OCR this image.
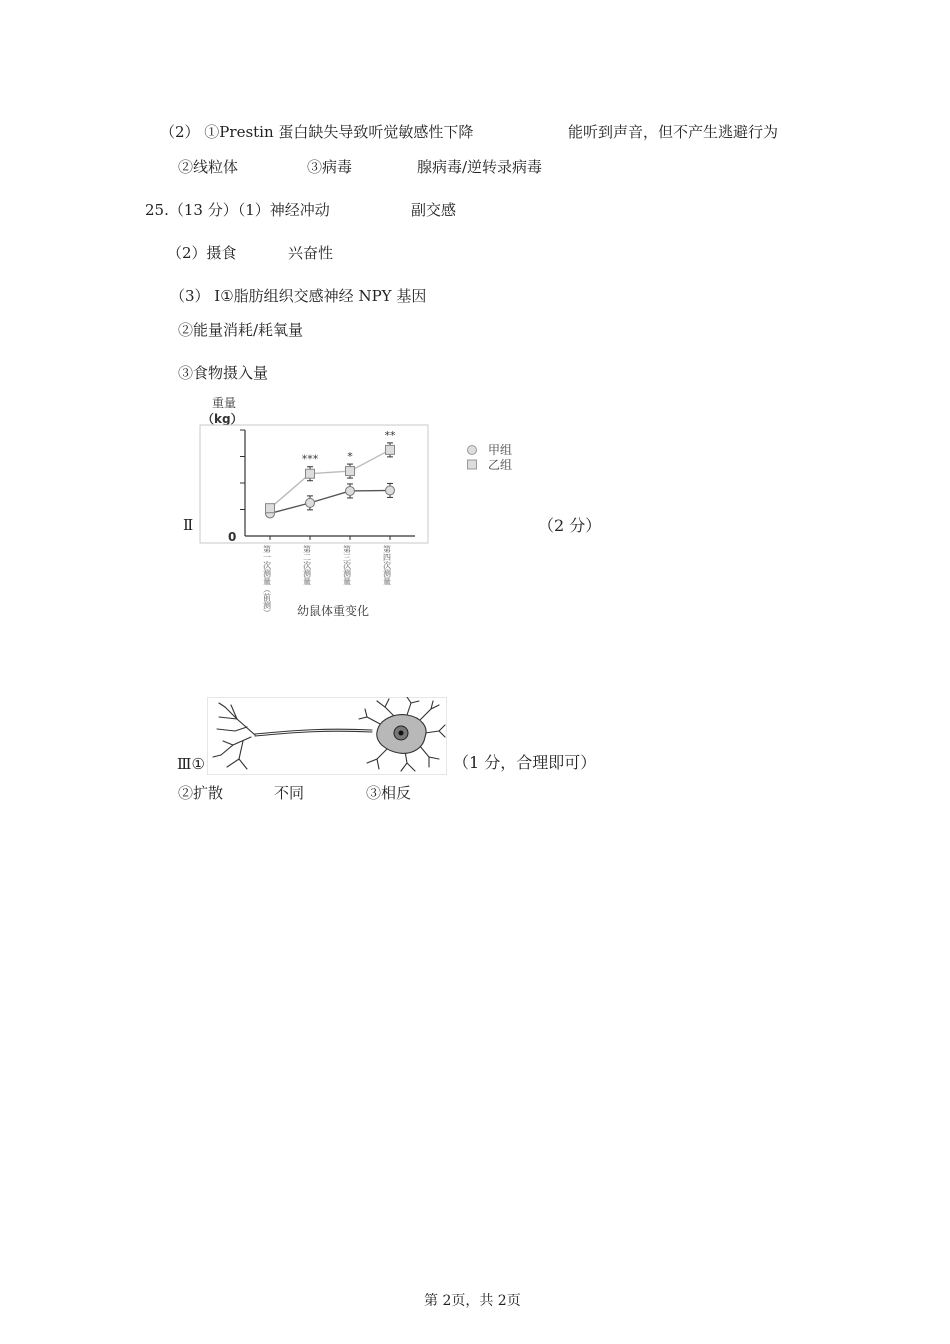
（2） ①Prestin 蛋白缺失导致听觉敏感性下降	能听到声音，但不产生逃避行为
②线粒体	③病毒	腺病毒/逆转录病毒
25.（13 分）（1）神经冲动	副交感
（2）摄食	兴奋性
（3） Ⅰ①脂肪组织交感神经 NPY 基因
②能量消耗/耗氧量
③食物摄入量
Ⅱ	（2 分）
重量
（kg）
0
***	*
**
第一次测量（前测）	第二次测量	第三次测量	第四次测量
甲组
乙组
幼鼠体重变化
Ⅲ①	（1 分，合理即可）
②扩散	不同	③相反
第 2页，共 2页
